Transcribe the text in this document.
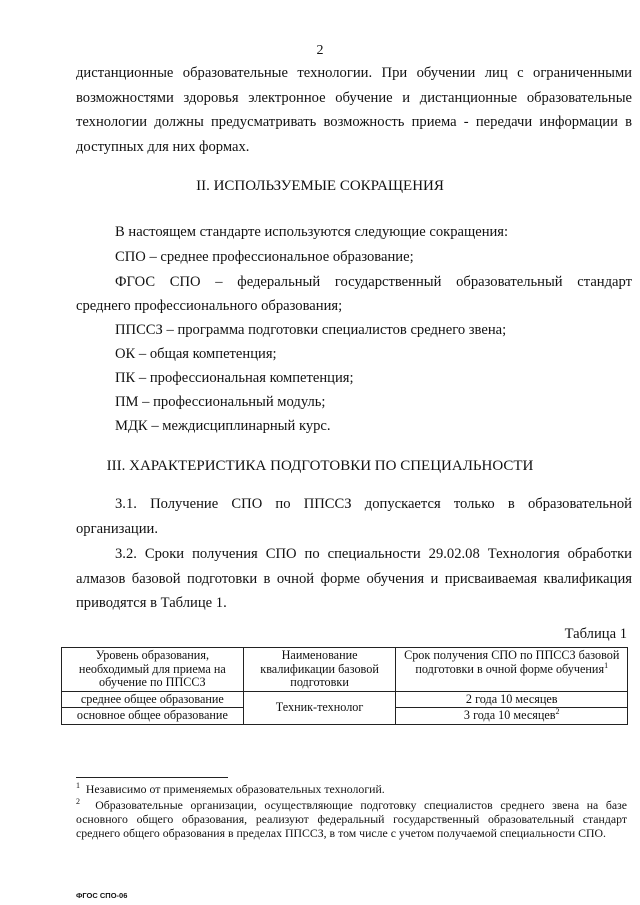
2

дистанционные образовательные технологии. При обучении лиц с ограниченными возможностями здоровья электронное обучение и дистанционные образовательные технологии должны предусматривать возможность приема - передачи информации в доступных для них формах.

II. ИСПОЛЬЗУЕМЫЕ СОКРАЩЕНИЯ
В настоящем стандарте используются следующие сокращения:
СПО – среднее профессиональное образование;
ФГОС СПО – федеральный государственный образовательный стандарт
среднего профессионального образования;
ППССЗ – программа подготовки специалистов среднего звена;
ОК – общая компетенция;
ПК – профессиональная компетенция;
ПМ – профессиональный модуль;
МДК – междисциплинарный курс.
III. ХАРАКТЕРИСТИКА ПОДГОТОВКИ ПО СПЕЦИАЛЬНОСТИ

3.1. Получение СПО по ППССЗ допускается только в образовательной организации.

3.2. Сроки получения СПО по специальности 29.02.08 Технология обработки алмазов базовой подготовки в очной форме обучения и присваиваемая квалификация приводятся в Таблице 1.

Таблица 1
Уровень образования, необходимый для приема на обучение по ППССЗ	Наименование квалификации базовой подготовки	Срок получения СПО по ППССЗ базовой подготовки в очной форме обучения$^1$
среднее общее образование	Техник-технолог	2 года 10 месяцев
основное общее образование		3 года 10 месяцев$^2$

$^1$ Независимо от применяемых образовательных технологий.

$^2$ Образовательные организации, осуществляющие подготовку специалистов среднего звена на базе основного общего образования, реализуют федеральный государственный образовательный стандарт среднего общего образования в пределах ППССЗ, в том числе с учетом получаемой специальности СПО.

ФГОС СПО-06
